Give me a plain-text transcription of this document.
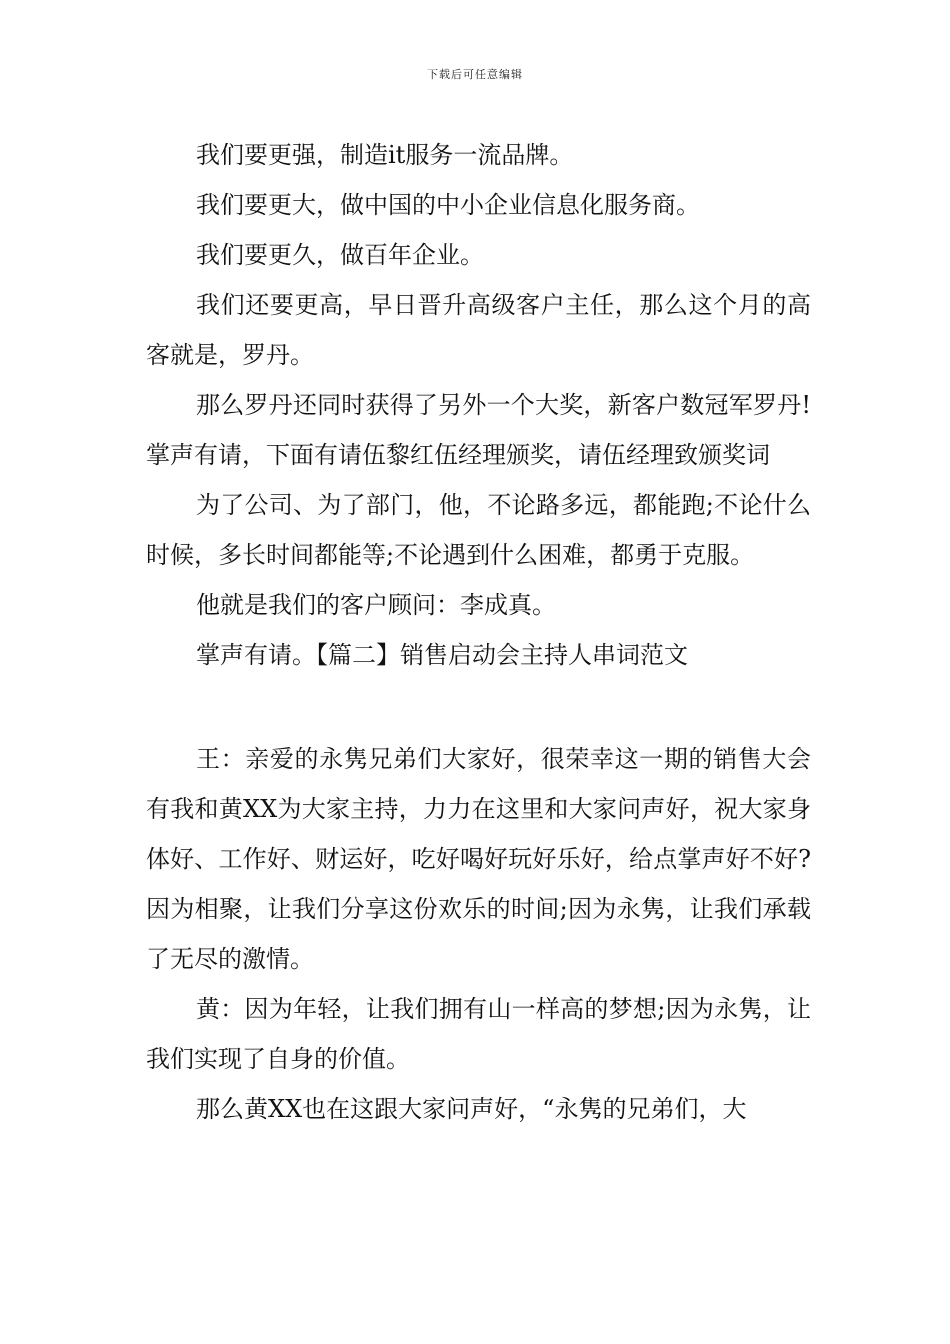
下载后可任意编辑

我们要更强，制造it服务一流品牌。

我们要更大，做中国的中小企业信息化服务商。

我们要更久，做百年企业。

我们还要更高，早日晋升高级客户主任，那么这个月的高客就是，罗丹。

那么罗丹还同时获得了另外一个大奖，新客户数冠军罗丹!掌声有请，下面有请伍黎红伍经理颁奖，请伍经理致颁奖词

为了公司、为了部门，他，不论路多远，都能跑;不论什么时候，多长时间都能等;不论遇到什么困难，都勇于克服。

他就是我们的客户顾问：李成真。

掌声有请。【篇二】销售启动会主持人串词范文

王：亲爱的永隽兄弟们大家好，很荣幸这一期的销售大会有我和黄XX为大家主持，力力在这里和大家问声好，祝大家身体好、工作好、财运好，吃好喝好玩好乐好，给点掌声好不好?因为相聚，让我们分享这份欢乐的时间;因为永隽，让我们承载了无尽的激情。

黄：因为年轻，让我们拥有山一样高的梦想;因为永隽，让我们实现了自身的价值。

那么黄XX也在这跟大家问声好，“永隽的兄弟们，大
